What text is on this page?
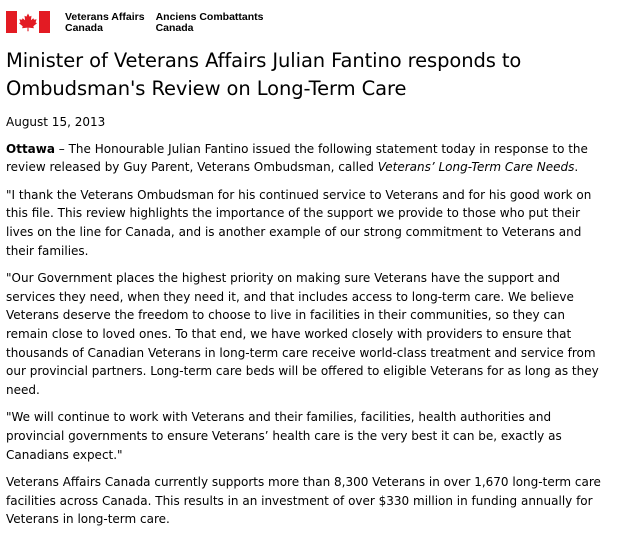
Veterans Affairs
Canada
Anciens Combattants
Canada
Minister of Veterans Affairs Julian Fantino responds to Ombudsman's Review on Long-Term Care

August 15, 2013

Ottawa – The Honourable Julian Fantino issued the following statement today in response to the review released by Guy Parent, Veterans Ombudsman, called Veterans’ Long-Term Care Needs.

"I thank the Veterans Ombudsman for his continued service to Veterans and for his good work on this file. This review highlights the importance of the support we provide to those who put their lives on the line for Canada, and is another example of our strong commitment to Veterans and their families.

"Our Government places the highest priority on making sure Veterans have the support and services they need, when they need it, and that includes access to long-term care. We believe Veterans deserve the freedom to choose to live in facilities in their communities, so they can remain close to loved ones. To that end, we have worked closely with providers to ensure that thousands of Canadian Veterans in long-term care receive world-class treatment and service from our provincial partners. Long-term care beds will be offered to eligible Veterans for as long as they need.

"We will continue to work with Veterans and their families, facilities, health authorities and provincial governments to ensure Veterans’ health care is the very best it can be, exactly as Canadians expect."

Veterans Affairs Canada currently supports more than 8,300 Veterans in over 1,670 long-term care facilities across Canada. This results in an investment of over $330 million in funding annually for Veterans in long-term care.
